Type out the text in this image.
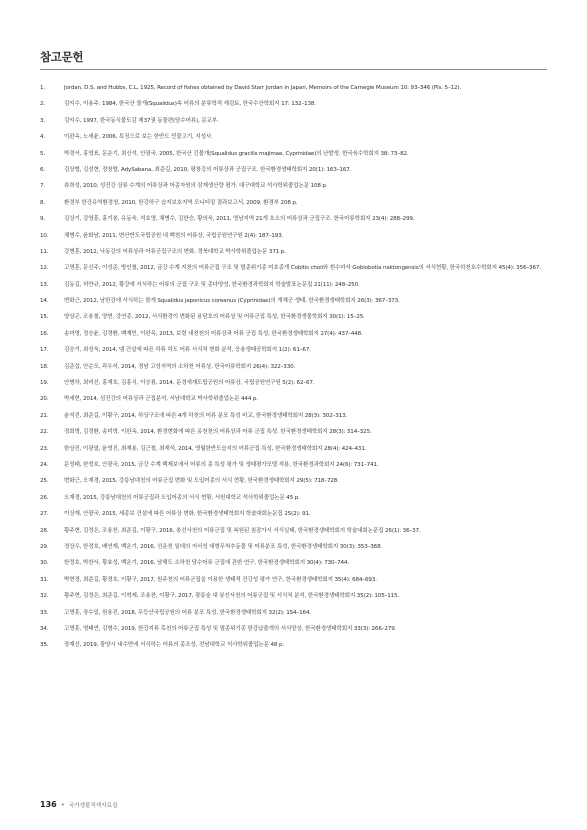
참고문헌
1.	Jordan, D.S, and Hubbs, C.L, 1925, Record of fishes obtained by David Starr Jordan in Japan, Memoirs of the Carnegie Museum 10: 93–346 (Pls. 5–12).
2.	김익수, 이용주. 1984, 한국산 몰개(Squalidus)속 어류의 분류학적 재검토, 한국수산학회지 17: 132–138.
3.	김익수, 1997, 한국동식물도감 제37권 동물편(담수어류), 문교부.
4.	이완옥, 노세윤, 2006, 특징으로 보는 한반도 민물고기, 지성사.
5.	박경서, 홍영표, 문운기, 최신석, 안광국, 2005, 한국산 긴몰개(Squalidus gracilis majimae, Cyprinidae)의 난발생. 한국육수학회지 38: 73–82.
6.	김상협, 김성현, 정창렬, AdySabana, 최준길, 2010, 평창강의 어류상과 군집구조. 한국환경생태학회지 20(1): 163–167.
7.	류희성, 2010, 성진강 상류 수계의 어류상과 어종자원의 잠재생산량 평가. 대구대학교 석사학위졸업논문 108 p.
8.	환경부 한강유역환경청, 2010, 한강하구 습지보호지역 모니터링 결과보고서, 2009, 환경부 208 p.
9.	김상기, 강영훈, 홍기봉, 유동욱, 석호영, 채병수, 김한승, 황의욱, 2011, 영남지역 21개 호소의 어류상과 군집구조. 한국어류학회지 23(4): 288–299.
10.	채병수, 윤화남, 2011, 변산반도국립공원 내 백천의 어류상, 국립공원연구원 2(4): 187–193.
11.	강병훈, 2012, 낙동강의 어류상과 어류군집구조의 변화, 경북대학교 박사학위졸업논문 371 p.
12.	고명훈, 문신주, 이성준, 방인철, 2012, 금강 수계 지천의 어류군집 구조 및 멸종위기종 미호종개 Cobitis choii와 흰수마자 Gobiobotia naktongensis의 서식현황, 한국하천호수학회지 45(4): 356–367.
13.	김동길, 허만규, 2012, 황강에 서식하는 어류의 군집 구조 및 종다양성, 한국환경과학회지 학술발표논문집 21(11): 248–250.
14.	변화근, 2012, 남한강에 서식하는 몰개 Squalidus japonicus coreanus (Cyprinidae)의 개체군 생태, 한국환경생태학회지 26(3): 367–373.
15.	양상곤, 조용철, 양현, 강연종, 2012, 서식환경이 변화된 용담호의 어류상 및 어류군집 특성, 한국환경생물학회지 30(1): 15–25.
16.	송미영, 정승윤, 김경환, 백재민, 이완옥, 2013, 보령 대천천의 어류상과 어류 군집 특성, 한국환경생태학회지 27(4): 437–448.
17.	김승기, 최성욱, 2014, 댐 건설에 따른 하류 하도 어류 서식처 변화 분석, 응용생태공학회지 1(2): 61–67.
18.	김준섭, 안순모, 곽우석, 2014, 경남 고성지역의 소하천 어류상, 한국어류학회지 26(4): 322–330.
19.	안병하, 최미선, 홍재호, 김홍식, 이승룡, 2014, 문경새재도립공원의 어류상, 국립공원연구원 5(2): 62–67.
20.	박세현, 2014, 섬진강의 어류상과 군집분석, 서남대학교 박사학위졸업논문 444 p.
21.	윤석진, 최준길, 이황구, 2014, 하상구조에 따른 4개 하천의 어류 분포 특성 비교, 한국환경생태학회지 28(3): 302–313.
22.	정회명, 김경환, 송미영, 이완옥, 2014, 환경변화에 따른 옹천천의 어류상과 어류 군집 특성. 한국환경생태학회지 28(3): 314–325.
23.	한상진, 이광열, 윤영진, 최재용, 김근철, 최재석, 2014, 영월한반도습지의 어류군집 특성, 한국환경생태학회지 28(4): 424–431.
24.	문성태, 한정호, 안광국, 2015, 금강 수계 백제보에서 어류의 종 특성 평가 및 생태평가모델 적용, 한국환경과학회지 24(6): 731–741.
25.	변화근, 오재경, 2015, 강릉남대천의 어류군집 변화 및 도입어종의 서식 현황, 한국환경생태학회지 29(5): 718–728.
26.	오재경, 2015, 강릉남대천의 어류군집과 도입어종의 서식 현황, 서원대학교 석사학위졸업논문 45 p.
27.	이상재, 안광국, 2015, 세종보 건설에 따른 어류상 변화, 한국환경생태학회지 학술대회논문집 25(2): 91.
28.	황주현, 김정은, 조용찬, 최준길, 이황구, 2016, 봉선사천의 어류군집 및 복원된 침잠가시 서식실태, 한국환경생태학회지 학술대회논문집 26(1): 36–37.
29.	정상우, 한정호, 배연재, 백운기, 2016, 선운천 일대의 저서성 대형무척추동물 및 어류분포 특성, 한국환경생태학회지 30(3): 353–368.
30.	한정호, 박찬서, 황효성, 백운기, 2016, 남해도 소하천 담수어류 군집에 관한 연구, 한국환경생태학회지 30(4): 730–744.
31.	박현경, 최준길, 황경호, 이황구, 2017, 원주천의 어류군집을 이용한 생태적 건강성 평가 연구, 한국환경생태학회지 35(4): 684–693.
32.	황주현, 김정은, 최준길, 이혁제, 조용찬, 이황구, 2017, 광릉숲 내 봉선사천의 어류군집 및 서식처 분석, 한국환경생태학회지 35(2): 105–115.
33.	고명훈, 장수일, 원용진, 2018, 무등산국립공원의 어류 분포 특성, 한국환경생태학회지 32(2): 154–164.
34.	고명훈, 명태연, 김형수, 2019, 한강지류 흑천의 어류군집 특성 및 멸종위기종 한강납줄개의 서식양상, 한국환경생태학회지 33(3): 266–279.
35.	장재선, 2019, 광양시 내수면에 서식하는 어류의 종조성, 전남대학교 석사학위졸업논문 48 p.
136 • 국가생물적색자료집
